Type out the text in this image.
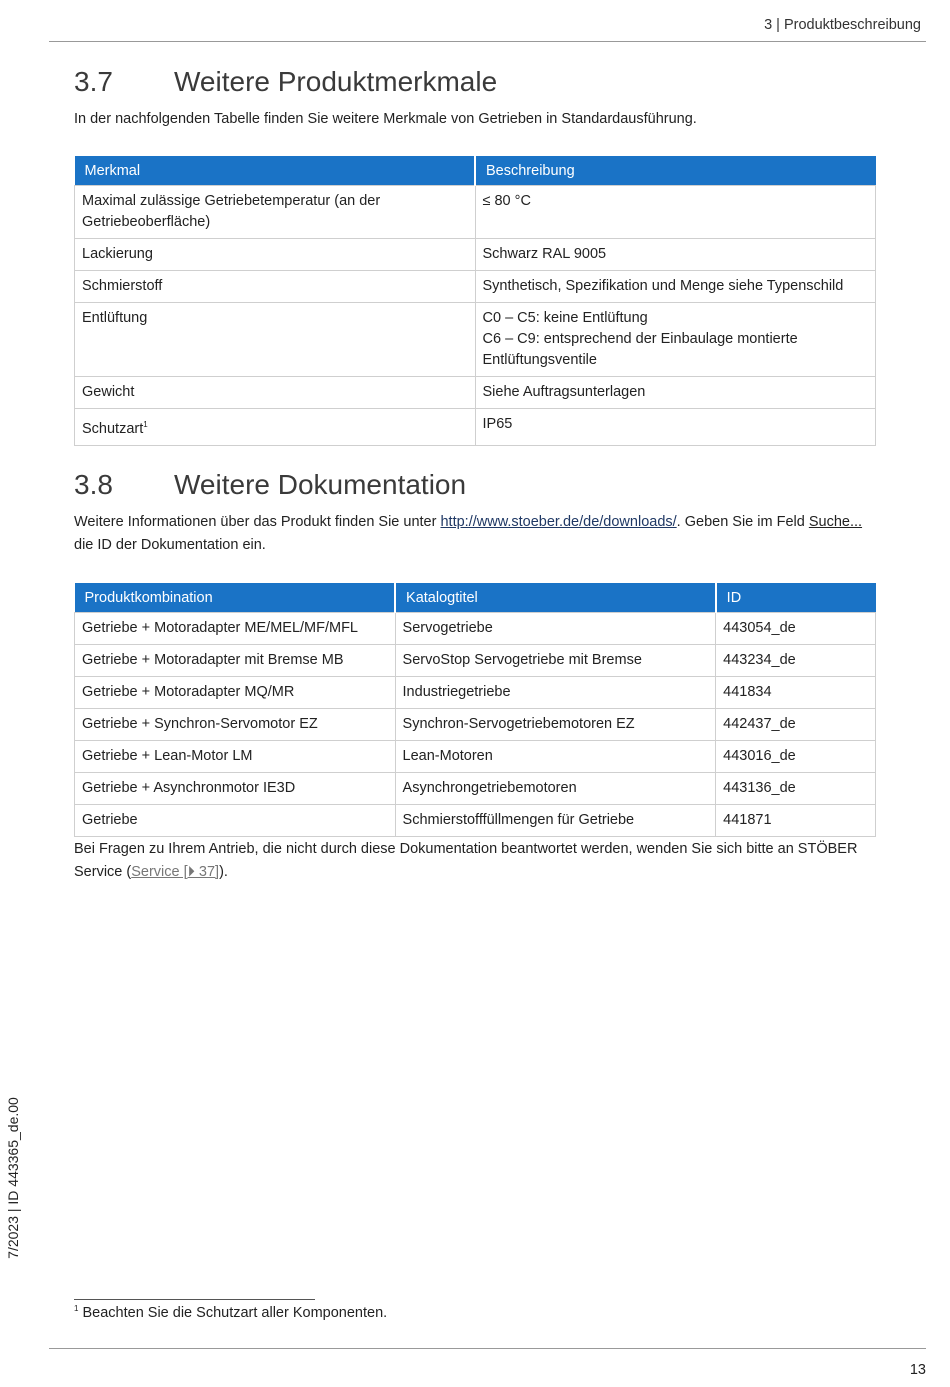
3 | Produktbeschreibung
3.7	Weitere Produktmerkmale

In der nachfolgenden Tabelle finden Sie weitere Merkmale von Getrieben in Standardausführung.

Merkmal	Beschreibung
Maximal zulässige Getriebetemperatur (an der Getriebeoberfläche)	≤ 80 °C
Lackierung	Schwarz RAL 9005
Schmierstoff	Synthetisch, Spezifikation und Menge siehe Typenschild
Entlüftung	C0 – C5: keine Entlüftung
C6 – C9: entsprechend der Einbaulage montierte Entlüftungsventile

Gewicht	Siehe Auftragsunterlagen
Schutzart$^1$	IP65
3.8	Weitere Dokumentation

Weitere Informationen über das Produkt finden Sie unter http://www.stoeber.de/de/downloads/. Geben Sie im Feld Suche... die ID der Dokumentation ein.

Produktkombination	Katalogtitel	ID
Getriebe + Motoradapter ME/MEL/MF/MFL	Servogetriebe	443054_de
Getriebe + Motoradapter mit Bremse MB	ServoStop Servogetriebe mit Bremse	443234_de
Getriebe + Motoradapter MQ/MR	Industriegetriebe	441834
Getriebe + Synchron-Servomotor EZ	Synchron-Servogetriebemotoren EZ	442437_de
Getriebe + Lean-Motor LM	Lean-Motoren	443016_de
Getriebe + Asynchronmotor IE3D	Asynchrongetriebemotoren	443136_de
Getriebe	Schmierstofffüllmengen für Getriebe	441871

Bei Fragen zu Ihrem Antrieb, die nicht durch diese Dokumentation beantwortet werden, wenden Sie sich bitte an STÖBER Service (Service [⏵ 37]).

$^1$ Beachten Sie die Schutzart aller Komponenten.
13
7/2023 | ID 443365_de.00
